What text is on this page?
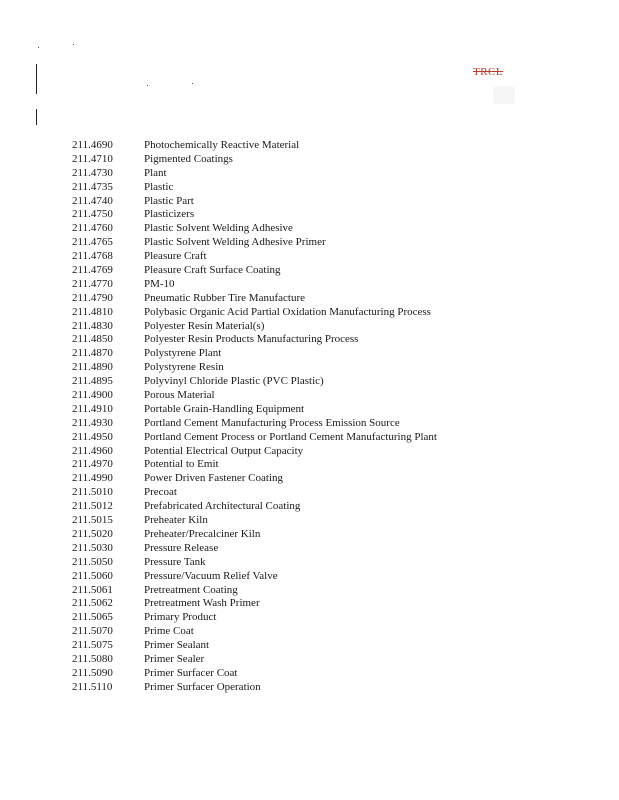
TRCL
211.4690	Photochemically Reactive Material
211.4710	Pigmented Coatings
211.4730	Plant
211.4735	Plastic
211.4740	Plastic Part
211.4750	Plasticizers
211.4760	Plastic Solvent Welding Adhesive
211.4765	Plastic Solvent Welding Adhesive Primer
211.4768	Pleasure Craft
211.4769	Pleasure Craft Surface Coating
211.4770	PM-10
211.4790	Pneumatic Rubber Tire Manufacture
211.4810	Polybasic Organic Acid Partial Oxidation Manufacturing Process
211.4830	Polyester Resin Material(s)
211.4850	Polyester Resin Products Manufacturing Process
211.4870	Polystyrene Plant
211.4890	Polystyrene Resin
211.4895	Polyvinyl Chloride Plastic (PVC Plastic)
211.4900	Porous Material
211.4910	Portable Grain-Handling Equipment
211.4930	Portland Cement Manufacturing Process Emission Source
211.4950	Portland Cement Process or Portland Cement Manufacturing Plant
211.4960	Potential Electrical Output Capacity
211.4970	Potential to Emit
211.4990	Power Driven Fastener Coating
211.5010	Precoat
211.5012	Prefabricated Architectural Coating
211.5015	Preheater Kiln
211.5020	Preheater/Precalciner Kiln
211.5030	Pressure Release
211.5050	Pressure Tank
211.5060	Pressure/Vacuum Relief Valve
211.5061	Pretreatment Coating
211.5062	Pretreatment Wash Primer
211.5065	Primary Product
211.5070	Prime Coat
211.5075	Primer Sealant
211.5080	Primer Sealer
211.5090	Primer Surfacer Coat
211.5110	Primer Surfacer Operation
